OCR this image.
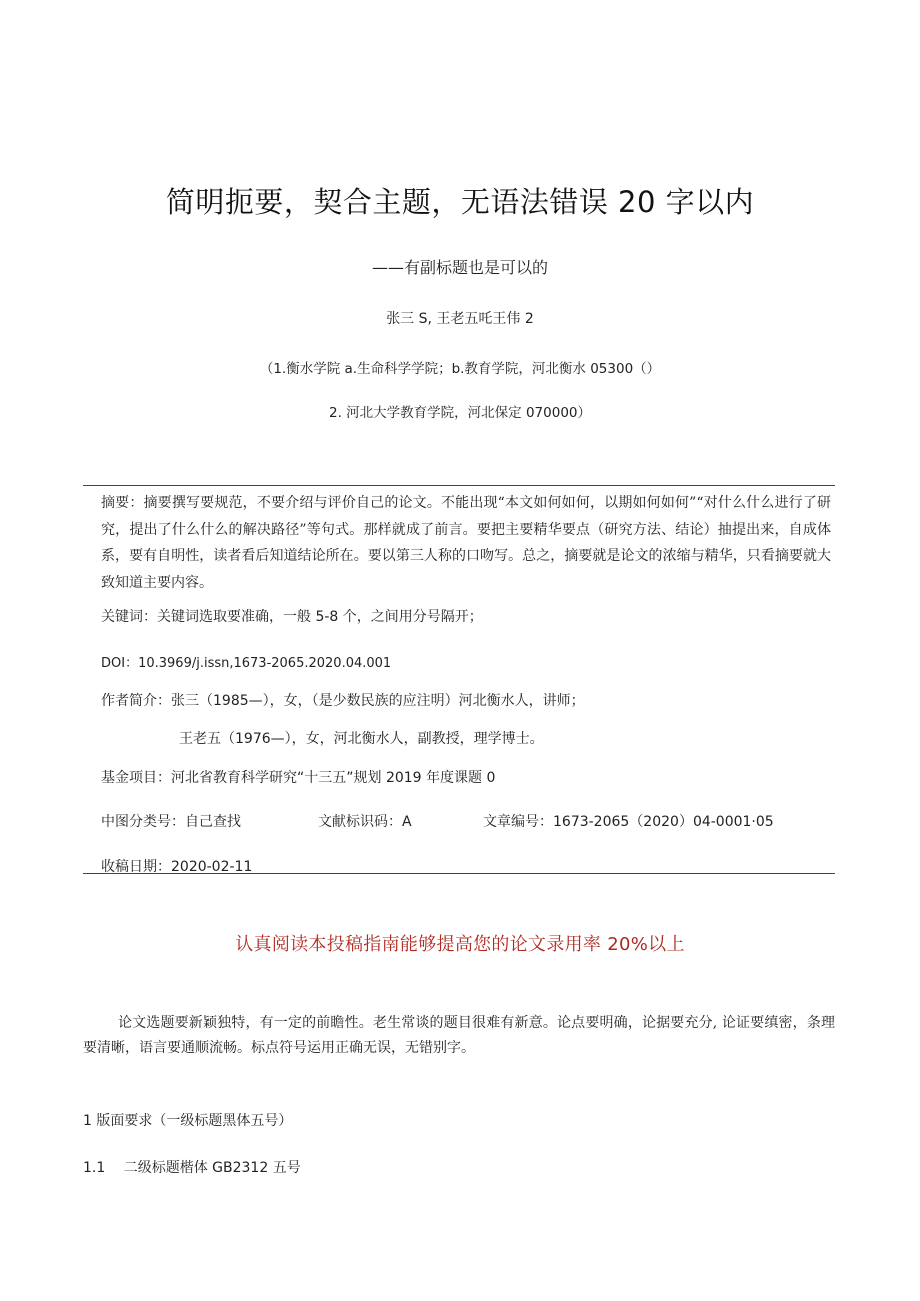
简明扼要，契合主题，无语法错误 20 字以内
——有副标题也是可以的
张三 S, 王老五吒王伟 2
（1.衡水学院 a.生命科学学院；b.教育学院，河北衡水 05300（）
2. 河北大学教育学院，河北保定 070000）
摘要：摘要撰写要规范，不要介绍与评价自己的论文。不能出现“本文如何如何，以期如何如何”“对什么什么进行了研究，提出了什么什么的解决路径”等句式。那样就成了前言。要把主要精华要点（研究方法、结论）抽提出来，自成体系，要有自明性，读者看后知道结论所在。要以第三人称的口吻写。总之，摘要就是论文的浓缩与精华，只看摘要就大致知道主要内容。
关键词：关键词选取要准确，一般 5-8 个，之间用分号隔开；
DOI：10.3969/j.issn,1673-2065.2020.04.001
作者简介：张三（1985—），女，（是少数民族的应注明）河北衡水人，讲师；
王老五（1976—），女，河北衡水人，副教授，理学博士。
基金项目：河北省教育科学研究“十三五”规划 2019 年度课题 0
中图分类号：自己查找	文献标识码：A	文章编号：1673-2065（2020）04-0001·05
收稿日期：2020-02-11
认真阅读本投稿指南能够提高您的论文录用率 20%以上
论文选题要新颖独特，有一定的前瞻性。老生常谈的题目很难有新意。论点要明确，论据要充分, 论证要缜密，条理要清晰，语言要通顺流畅。标点符号运用正确无误，无错别字。
1 版面要求（一级标题黑体五号）
1.1　 二级标题楷体 GB2312 五号
